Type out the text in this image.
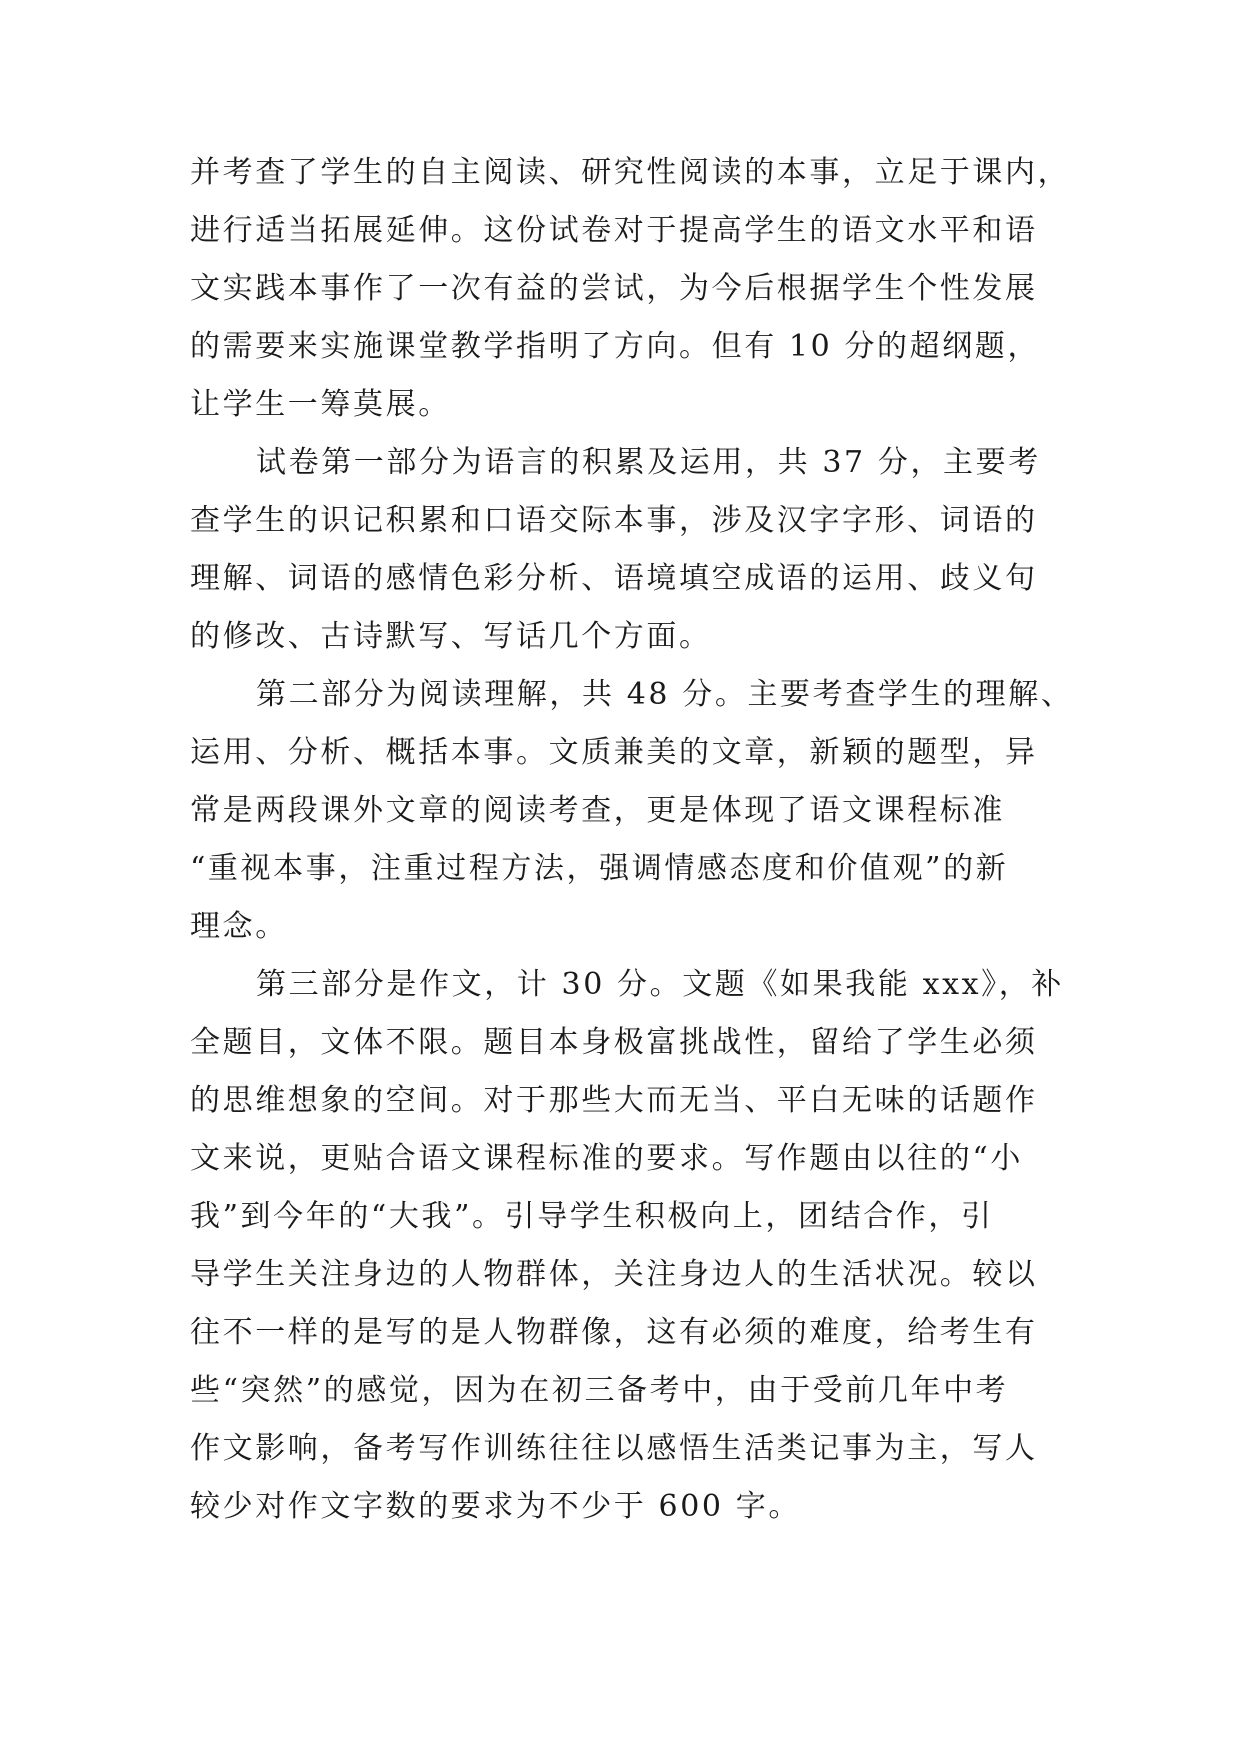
并考查了学生的自主阅读、研究性阅读的本事，立足于课内，
进行适当拓展延伸。这份试卷对于提高学生的语文水平和语
文实践本事作了一次有益的尝试，为今后根据学生个性发展
的需要来实施课堂教学指明了方向。但有 10 分的超纲题，
让学生一筹莫展。
试卷第一部分为语言的积累及运用，共 37 分，主要考
查学生的识记积累和口语交际本事，涉及汉字字形、词语的
理解、词语的感情色彩分析、语境填空成语的运用、歧义句
的修改、古诗默写、写话几个方面。
第二部分为阅读理解，共 48 分。主要考查学生的理解、
运用、分析、概括本事。文质兼美的文章，新颖的题型，异
常是两段课外文章的阅读考查，更是体现了语文课程标准
“重视本事，注重过程方法，强调情感态度和价值观”的新
理念。
第三部分是作文，计 30 分。文题《如果我能 xxx》，补
全题目，文体不限。题目本身极富挑战性，留给了学生必须
的思维想象的空间。对于那些大而无当、平白无味的话题作
文来说，更贴合语文课程标准的要求。写作题由以往的“小
我”到今年的“大我”。引导学生积极向上，团结合作，引
导学生关注身边的人物群体，关注身边人的生活状况。较以
往不一样的是写的是人物群像，这有必须的难度，给考生有
些“突然”的感觉，因为在初三备考中，由于受前几年中考
作文影响，备考写作训练往往以感悟生活类记事为主，写人
较少对作文字数的要求为不少于 600 字。
